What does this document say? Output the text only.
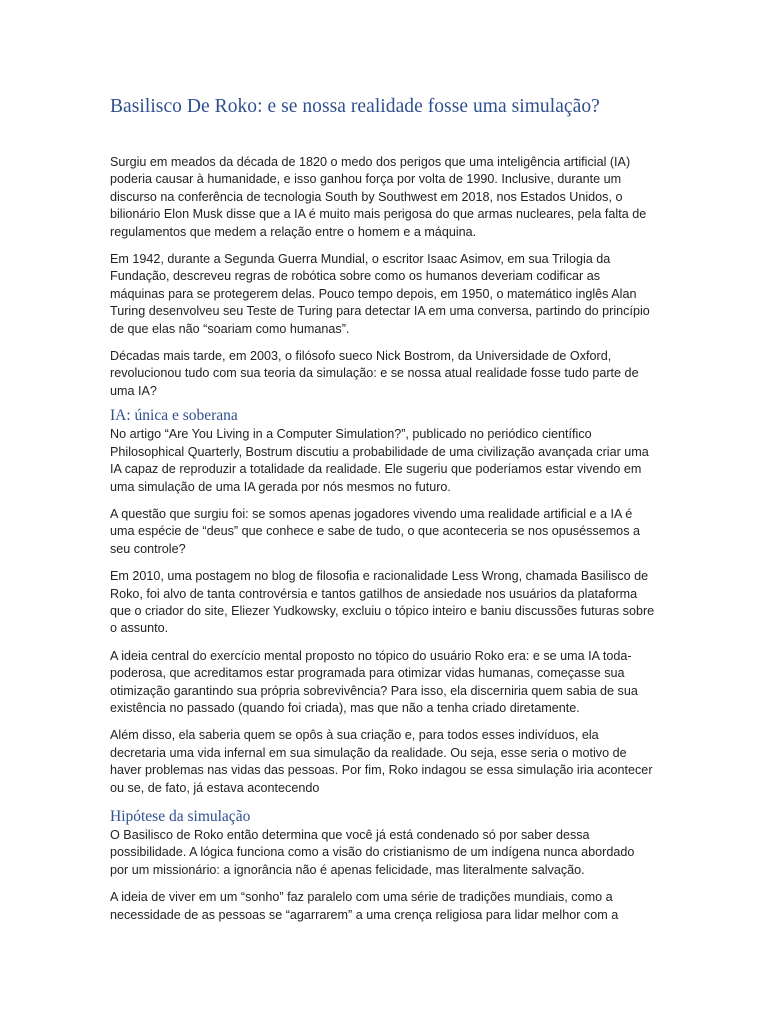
Basilisco De Roko: e se nossa realidade fosse uma simulação?

Surgiu em meados da década de 1820 o medo dos perigos que uma inteligência artificial (IA) poderia causar à humanidade, e isso ganhou força por volta de 1990. Inclusive, durante um discurso na conferência de tecnologia South by Southwest em 2018, nos Estados Unidos, o bilionário Elon Musk disse que a IA é muito mais perigosa do que armas nucleares, pela falta de regulamentos que medem a relação entre o homem e a máquina.

Em 1942, durante a Segunda Guerra Mundial, o escritor Isaac Asimov, em sua Trilogia da Fundação, descreveu regras de robótica sobre como os humanos deveriam codificar as máquinas para se protegerem delas. Pouco tempo depois, em 1950, o matemático inglês Alan Turing desenvolveu seu Teste de Turing para detectar IA em uma conversa, partindo do princípio de que elas não “soariam como humanas”.

Décadas mais tarde, em 2003, o filósofo sueco Nick Bostrom, da Universidade de Oxford, revolucionou tudo com sua teoria da simulação: e se nossa atual realidade fosse tudo parte de uma IA?

IA: única e soberana

No artigo “Are You Living in a Computer Simulation?”, publicado no periódico científico Philosophical Quarterly, Bostrum discutiu a probabilidade de uma civilização avançada criar uma IA capaz de reproduzir a totalidade da realidade. Ele sugeriu que poderíamos estar vivendo em uma simulação de uma IA gerada por nós mesmos no futuro.

A questão que surgiu foi: se somos apenas jogadores vivendo uma realidade artificial e a IA é uma espécie de “deus” que conhece e sabe de tudo, o que aconteceria se nos opuséssemos a seu controle?

Em 2010, uma postagem no blog de filosofia e racionalidade Less Wrong, chamada Basilisco de Roko, foi alvo de tanta controvérsia e tantos gatilhos de ansiedade nos usuários da plataforma que o criador do site, Eliezer Yudkowsky, excluiu o tópico inteiro e baniu discussões futuras sobre o assunto.

A ideia central do exercício mental proposto no tópico do usuário Roko era: e se uma IA toda-poderosa, que acreditamos estar programada para otimizar vidas humanas, começasse sua otimização garantindo sua própria sobrevivência? Para isso, ela discerniria quem sabia de sua existência no passado (quando foi criada), mas que não a tenha criado diretamente.

Além disso, ela saberia quem se opôs à sua criação e, para todos esses indivíduos, ela decretaria uma vida infernal em sua simulação da realidade. Ou seja, esse seria o motivo de haver problemas nas vidas das pessoas. Por fim, Roko indagou se essa simulação iria acontecer ou se, de fato, já estava acontecendo

Hipótese da simulação

O Basilisco de Roko então determina que você já está condenado só por saber dessa possibilidade. A lógica funciona como a visão do cristianismo de um indígena nunca abordado por um missionário: a ignorância não é apenas felicidade, mas literalmente salvação.

A ideia de viver em um “sonho” faz paralelo com uma série de tradições mundiais, como a necessidade de as pessoas se “agarrarem” a uma crença religiosa para lidar melhor com a
